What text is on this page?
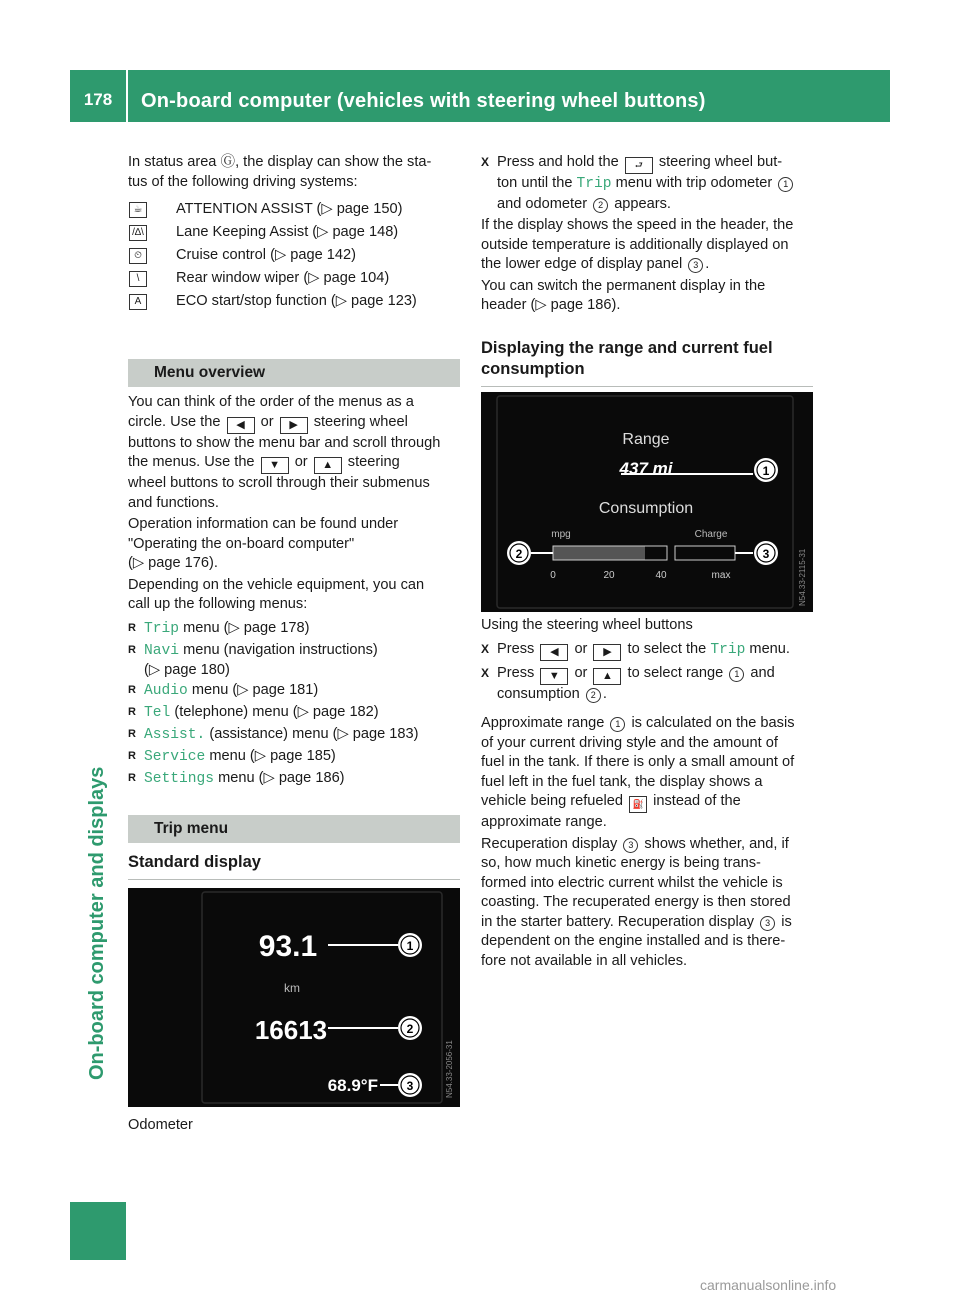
178	On-board computer (vehicles with steering wheel buttons)
On-board computer and displays

In status area Ⓖ, the display can show the sta-

tus of the following driving systems:

☕	ATTENTION ASSIST (▷ page 150)
/∆\ Lane Keeping Assist (▷ page 148)
⏲	Cruise control (▷ page 142)
\	Rear window wiper (▷ page 104)
A	ECO start/stop function (▷ page 123)
Menu overview

You can think of the order of the menus as a

circle. Use the ◀ or ▶ steering wheel

buttons to show the menu bar and scroll through

the menus. Use the ▼ or ▲ steering

wheel buttons to scroll through their submenus

and functions.

Operation information can be found under

"Operating the on-board computer"

(▷ page 176).

Depending on the vehicle equipment, you can

call up the following menus:

R Trip menu (▷ page 178)
R Navi menu (navigation instructions)
(▷ page 180)
R Audio menu (▷ page 181)
R Tel (telephone) menu (▷ page 182)
R Assist. (assistance) menu (▷ page 183)
R Service menu (▷ page 185)
R Settings menu (▷ page 186)
Trip menu
Standard display
93.1
km
16613
68.9°F
1
2
3	N54.33-2056-31
Odometer
X Press and hold the ⮐ steering wheel but-
ton until the Trip menu with trip odometer 1
and odometer 2 appears.

If the display shows the speed in the header, the

outside temperature is additionally displayed on

the lower edge of display panel 3 .

You can switch the permanent display in the

header (▷ page 186).

Displaying the range and current fuel
consumption
Range
437 mi
Consumption
mpg	Charge
0	20	40	max
1
2	3	N54.33-2115-31

Using the steering wheel buttons

X Press ◀ or ▶ to select the Trip menu.
X Press ▼ or ▲ to select range 1 and
consumption 2 .

Approximate range 1 is calculated on the basis

of your current driving style and the amount of

fuel in the tank. If there is only a small amount of

fuel left in the fuel tank, the display shows a

vehicle being refueled ⛽ instead of the

approximate range.

Recuperation display 3 shows whether, and, if

so, how much kinetic energy is being trans-

formed into electric current whilst the vehicle is

coasting. The recuperated energy is then stored

in the starter battery. Recuperation display 3 is

dependent on the engine installed and is there-

fore not available in all vehicles.

carmanualsonline.info
